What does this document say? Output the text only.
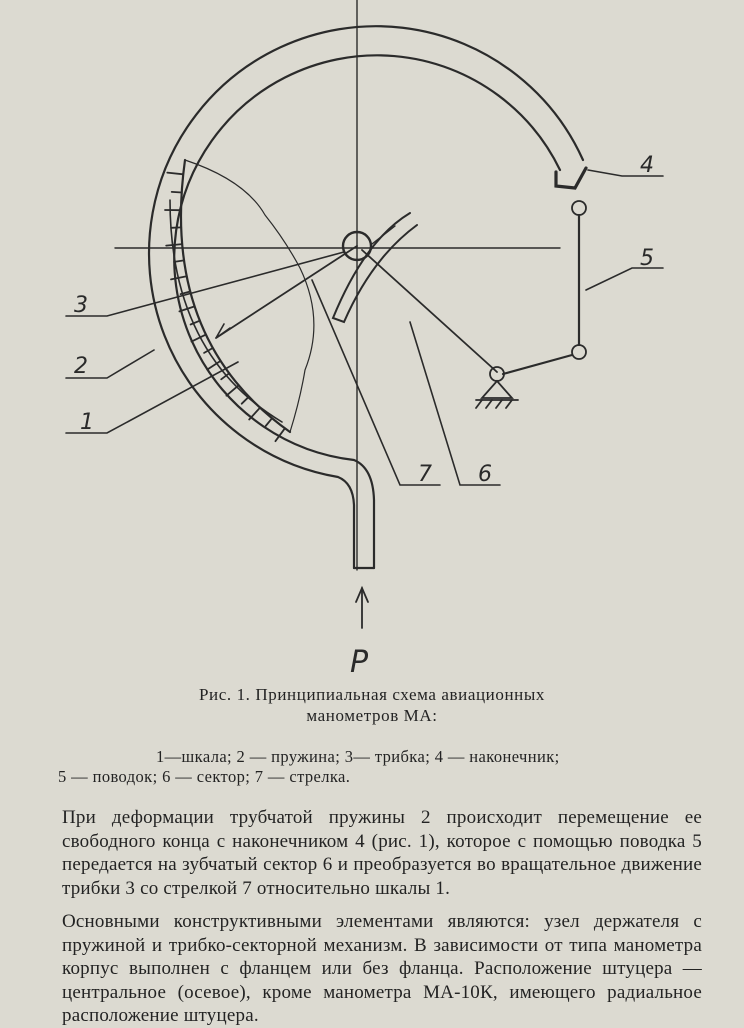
3
2
1
4
5
7 6
P
Рис. 1. Принципиальная схема авиационных
манометров МА:
1—шкала; 2 — пружина; 3— трибка; 4 — наконечник;
5 — поводок; 6 — сектор; 7 — стрелка.
При деформации трубчатой пружины 2 происходит перемещение ее свободного конца с наконечником 4 (рис. 1), которое с помощью поводка 5 передается на зубчатый сектор 6 и преобразуется во вращательное движение трибки 3 со стрелкой 7 относительно шкалы 1.
Основными конструктивными элементами являются: узел держателя с пружиной и трибко-секторной механизм. В зависимости от типа манометра корпус выполнен с фланцем или без фланца. Расположение штуцера — центральное (осевое), кроме манометра МА-10К, имеющего радиальное расположение штуцера.
